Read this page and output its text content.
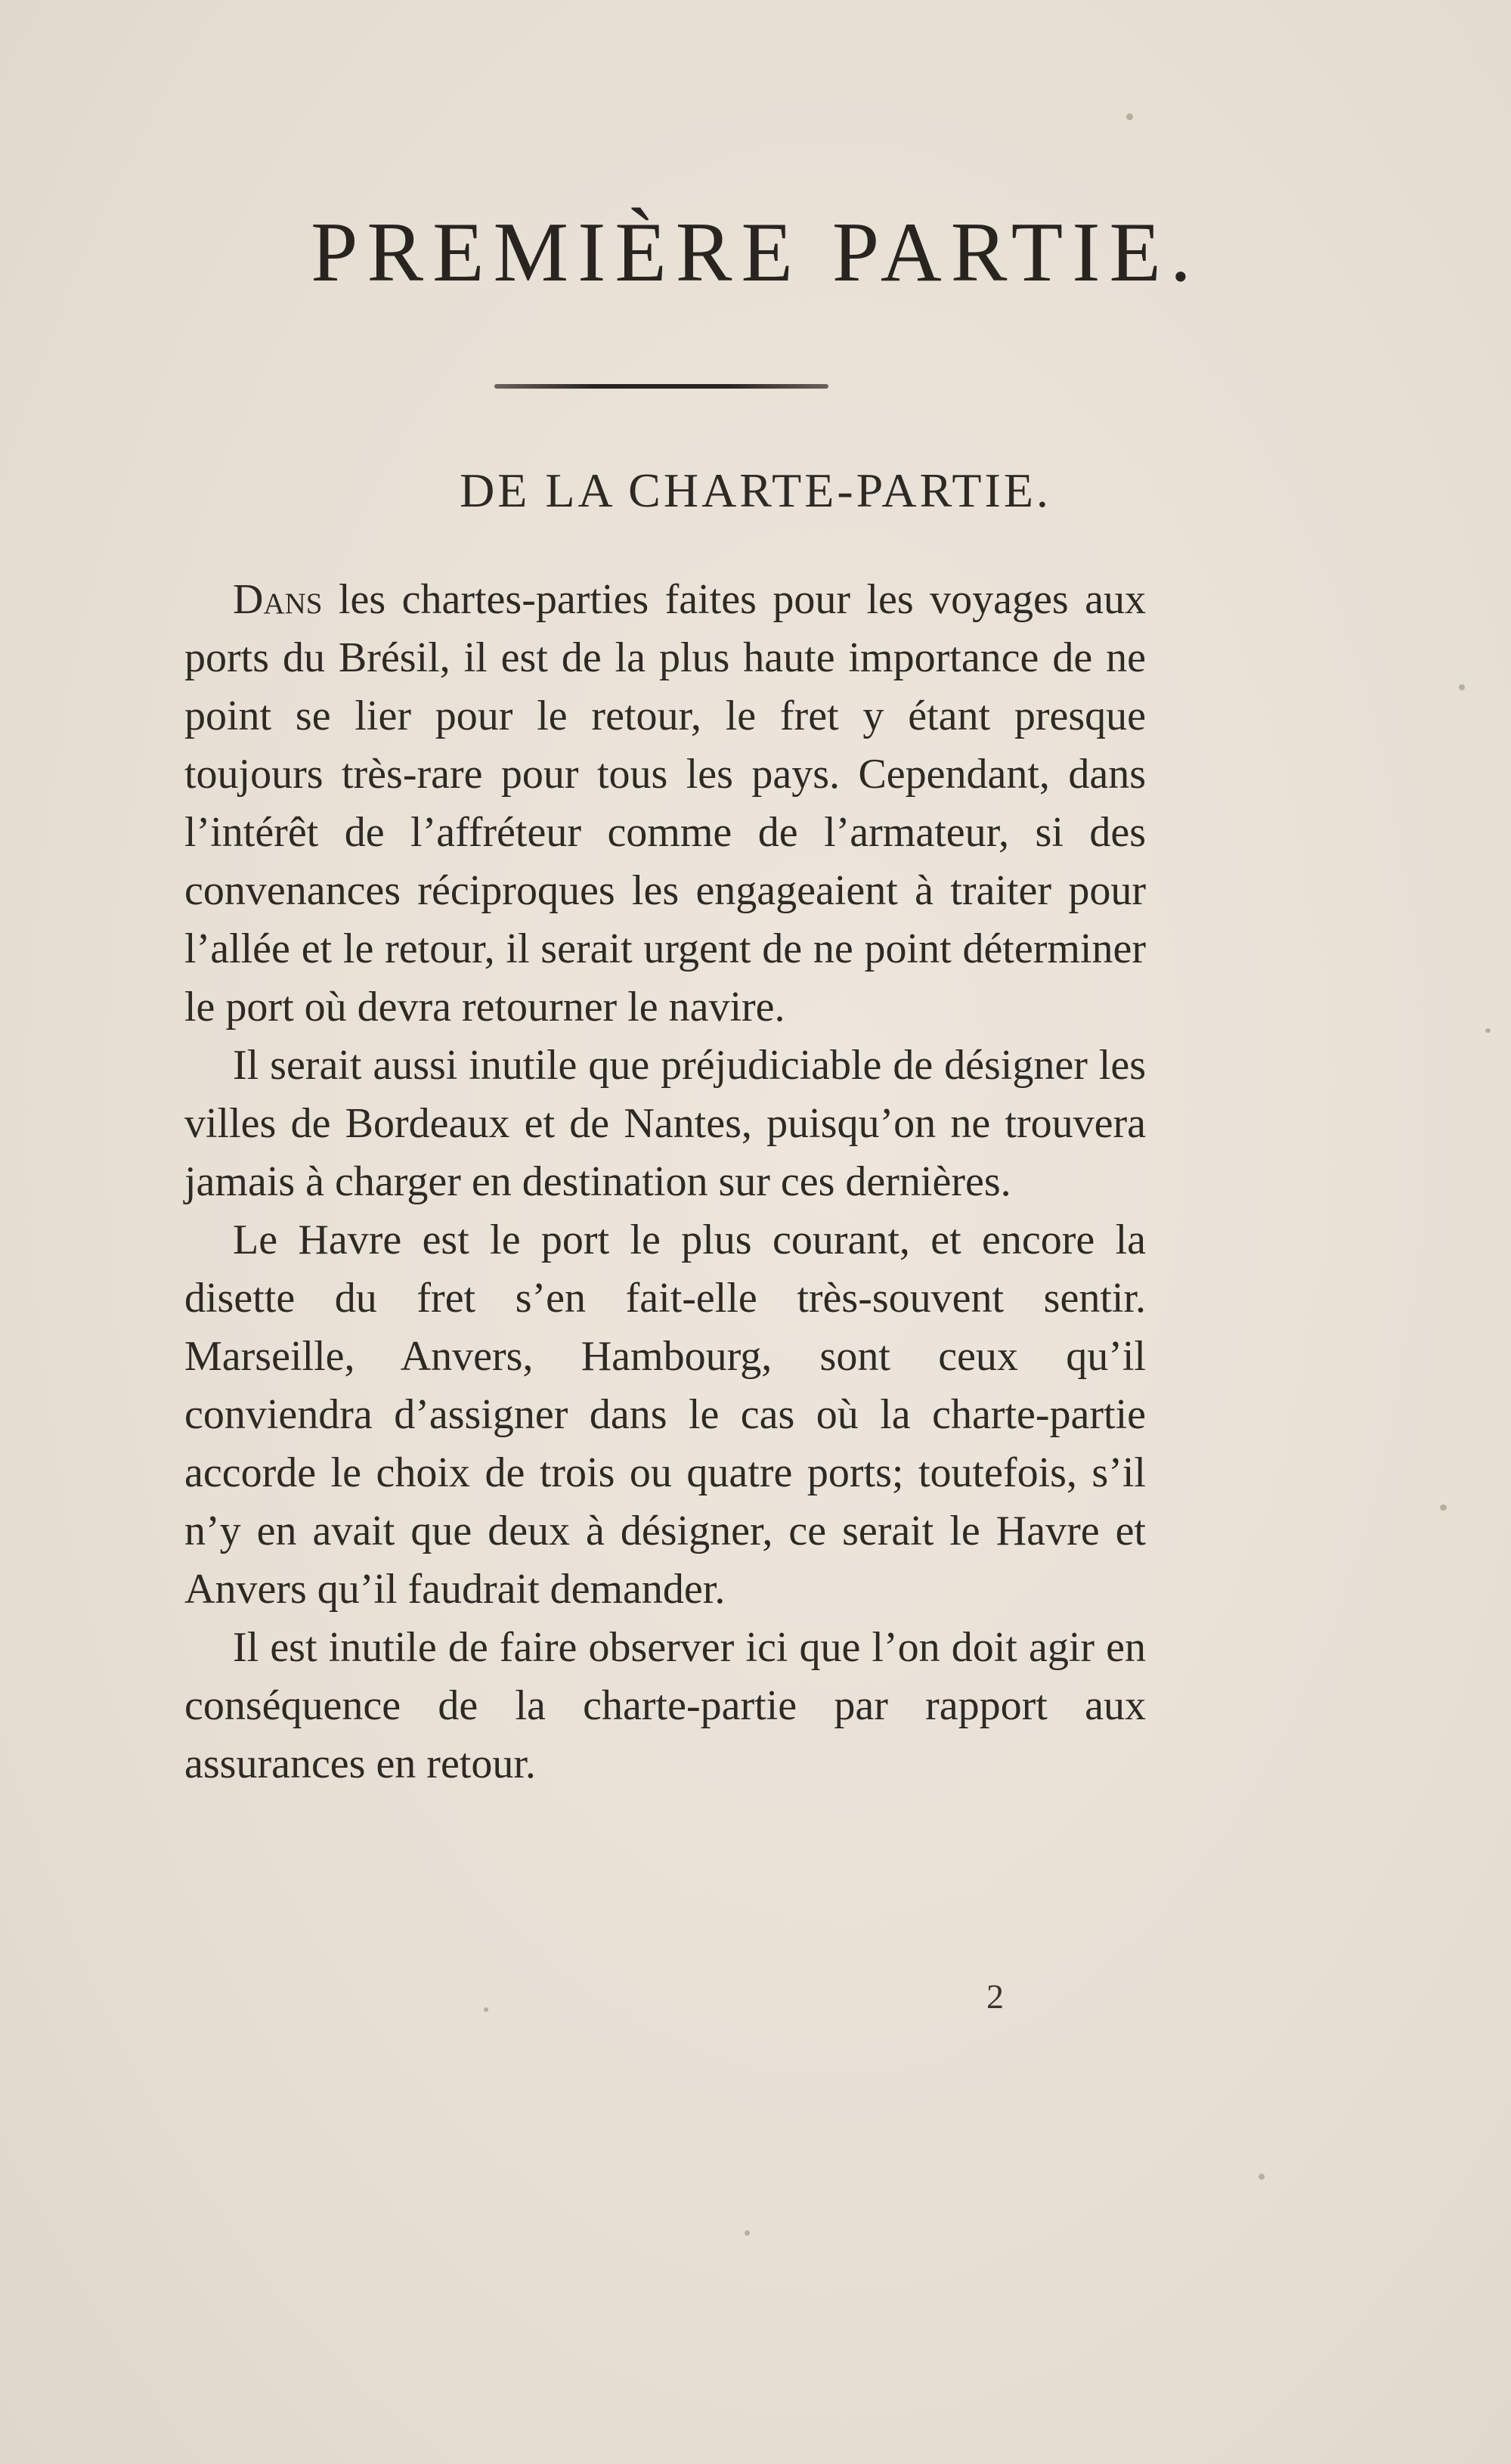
PREMIÈRE PARTIE.
DE LA CHARTE-PARTIE.

Dans les chartes-parties faites pour les voyages aux ports du Brésil, il est de la plus haute importance de ne point se lier pour le retour, le fret y étant presque toujours très-rare pour tous les pays. Cependant, dans l’intérêt de l’affréteur comme de l’armateur, si des convenances réciproques les engageaient à traiter pour l’allée et le retour, il serait urgent de ne point déterminer le port où devra retourner le navire.

Il serait aussi inutile que préjudiciable de désigner les villes de Bordeaux et de Nantes, puisqu’on ne trouvera jamais à charger en destination sur ces dernières.

Le Havre est le port le plus courant, et encore la disette du fret s’en fait-elle très-souvent sentir. Marseille, Anvers, Hambourg, sont ceux qu’il conviendra d’assigner dans le cas où la charte-partie accorde le choix de trois ou quatre ports; toutefois, s’il n’y en avait que deux à désigner, ce serait le Havre et Anvers qu’il faudrait demander.

Il est inutile de faire observer ici que l’on doit agir en conséquence de la charte-partie par rapport aux assurances en retour.

2
